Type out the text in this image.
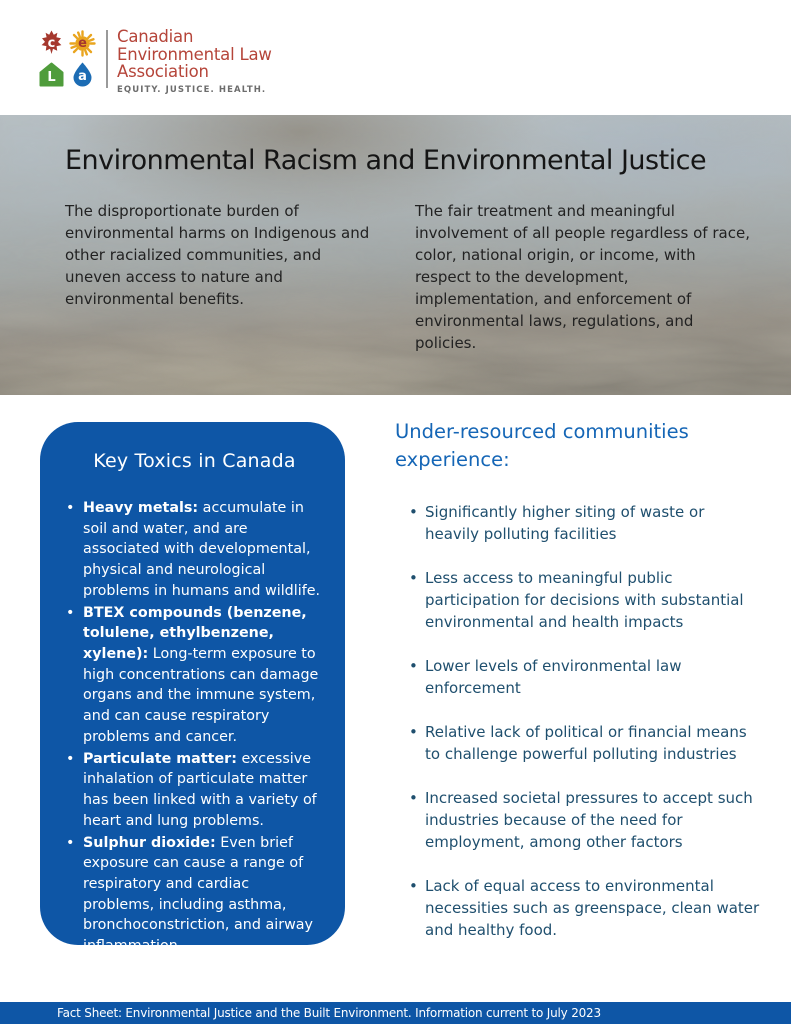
c	e
L	a
Canadian
Environmental Law
Association
EQUITY. JUSTICE. HEALTH.
Environmental Racism and Environmental Justice

The disproportionate burden of environmental harms on Indigenous and other racialized communities, and uneven access to nature and environmental benefits.

The fair treatment and meaningful involvement of all people regardless of race, color, national origin, or income, with respect to the development, implementation, and enforcement of environmental laws, regulations, and policies.

Key Toxics in Canada
• Heavy metals: accumulate in soil and water, and are associated with developmental, physical and neurological problems in humans and wildlife.
• BTEX compounds (benzene, tolulene, ethylbenzene, xylene): Long-term exposure to high concentrations can damage organs and the immune system, and can cause respiratory problems and cancer.
• Particulate matter: excessive inhalation of particulate matter has been linked with a variety of heart and lung problems.
• Sulphur dioxide: Even brief exposure can cause a range of respiratory and cardiac problems, including asthma, bronchoconstriction, and airway inflammation.
Under-resourced communities experience:
• Significantly higher siting of waste or heavily polluting facilities
• Less access to meaningful public participation for decisions with substantial environmental and health impacts
• Lower levels of environmental law enforcement
• Relative lack of political or financial means to challenge powerful polluting industries
• Increased societal pressures to accept such industries because of the need for employment, among other factors
• Lack of equal access to environmental necessities such as greenspace, clean water and healthy food.
Fact Sheet: Environmental Justice and the Built Environment. Information current to July 2023
